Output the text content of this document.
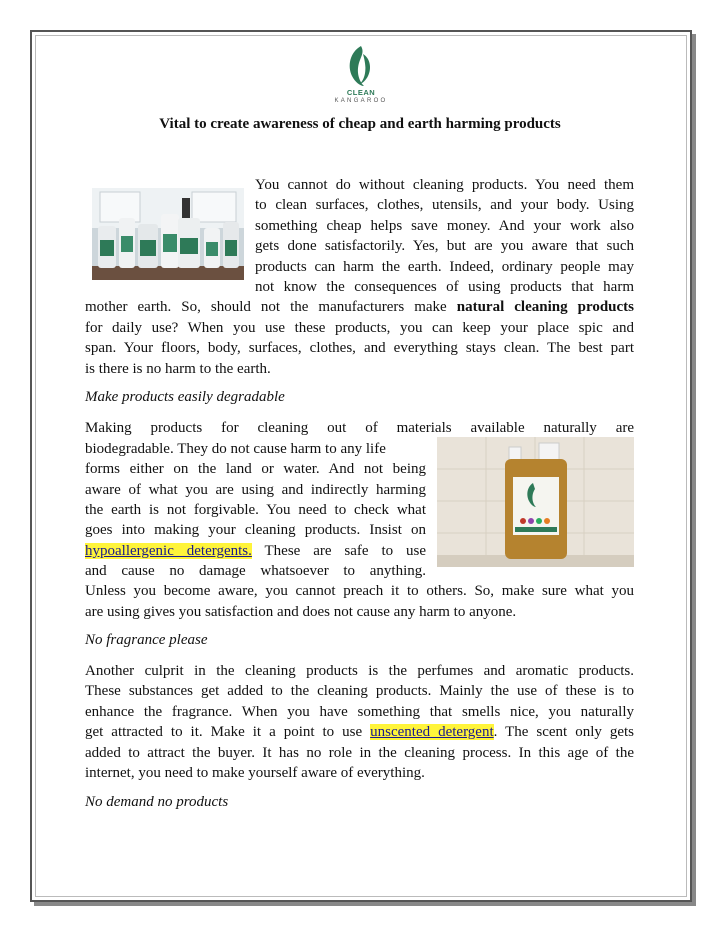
CLEAN
KANGAROO
Vital to create awareness of cheap and earth harming products
You cannot do without cleaning products. You need them
to clean surfaces, clothes, utensils, and your body. Using
something cheap helps save money. And your work also
gets done satisfactorily. Yes, but are you aware that such
products can harm the earth. Indeed, ordinary people may
not know the consequences of using products that harm
mother earth. So, should not the manufacturers make natural cleaning products
for daily use? When you use these products, you can keep your place spic and
span. Your floors, body, surfaces, clothes, and everything stays clean. The best part
is there is no harm to the earth.
Make products easily degradable
Making products for cleaning out of materials available naturally are
biodegradable. They do not cause harm to any life
forms either on the land or water. And not being
aware of what you are using and indirectly harming
the earth is not forgivable. You need to check what
goes into making your cleaning products. Insist on
hypoallergenic detergents. These are safe to use
and cause no damage whatsoever to anything.
Unless you become aware, you cannot preach it to others. So, make sure what you
are using gives you satisfaction and does not cause any harm to anyone.
No fragrance please
Another culprit in the cleaning products is the perfumes and aromatic products.
These substances get added to the cleaning products. Mainly the use of these is to
enhance the fragrance. When you have something that smells nice, you naturally
get attracted to it. Make it a point to use unscented detergent. The scent only gets
added to attract the buyer. It has no role in the cleaning process. In this age of the
internet, you need to make yourself aware of everything.
No demand no products
